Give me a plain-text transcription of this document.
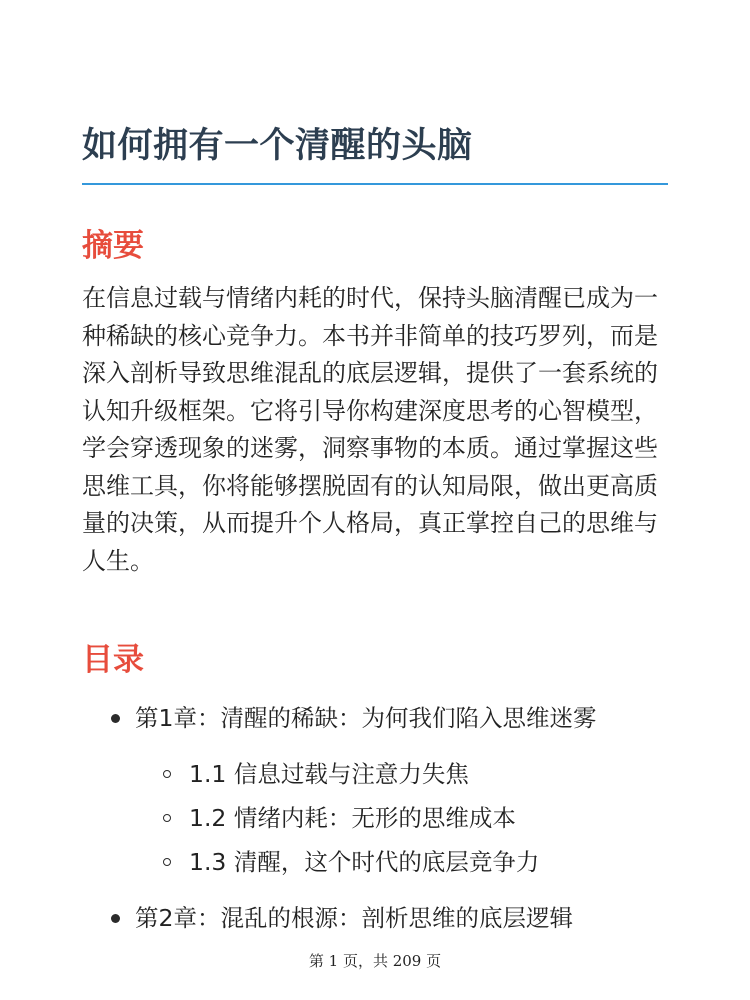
如何拥有一个清醒的头脑
摘要

在信息过载与情绪内耗的时代，保持头脑清醒已成为一种稀缺的核心竞争力。本书并非简单的技巧罗列，而是深入剖析导致思维混乱的底层逻辑，提供了一套系统的认知升级框架。它将引导你构建深度思考的心智模型，学会穿透现象的迷雾，洞察事物的本质。通过掌握这些思维工具，你将能够摆脱固有的认知局限，做出更高质量的决策，从而提升个人格局，真正掌控自己的思维与人生。

目录
第1章：清醒的稀缺：为何我们陷入思维迷雾
1.1 信息过载与注意力失焦
1.2 情绪内耗：无形的思维成本
1.3 清醒，这个时代的底层竞争力
第2章：混乱的根源：剖析思维的底层逻辑
第 1 页，共 209 页
